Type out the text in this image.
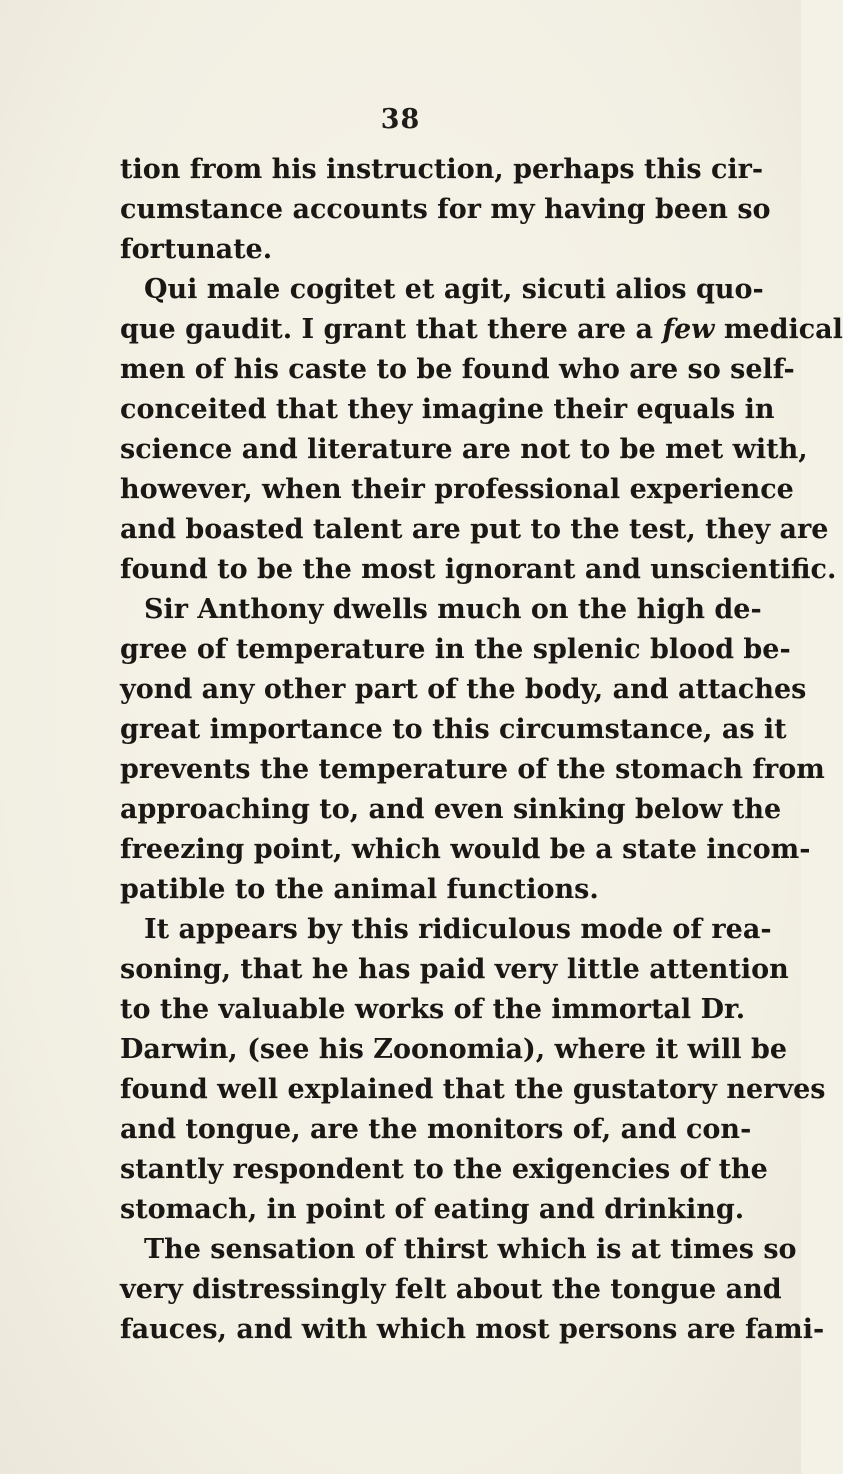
38
tion from his instruction, perhaps this cir-
cumstance accounts for my having been so
fortunate.
Qui male cogitet et agit, sicuti alios quo-
que gaudit. I grant that there are a few medical
men of his caste to be found who are so self-
conceited that they imagine their equals in
science and literature are not to be met with,
however, when their professional experience
and boasted talent are put to the test, they are
found to be the most ignorant and unscientific.
Sir Anthony dwells much on the high de-
gree of temperature in the splenic blood be-
yond any other part of the body, and attaches
great importance to this circumstance, as it
prevents the temperature of the stomach from
approaching to, and even sinking below the
freezing point, which would be a state incom-
patible to the animal functions.
It appears by this ridiculous mode of rea-
soning, that he has paid very little attention
to the valuable works of the immortal Dr.
Darwin, (see his Zoonomia), where it will be
found well explained that the gustatory nerves
and tongue, are the monitors of, and con-
stantly respondent to the exigencies of the
stomach, in point of eating and drinking.
The sensation of thirst which is at times so
very distressingly felt about the tongue and
fauces, and with which most persons are fami-
